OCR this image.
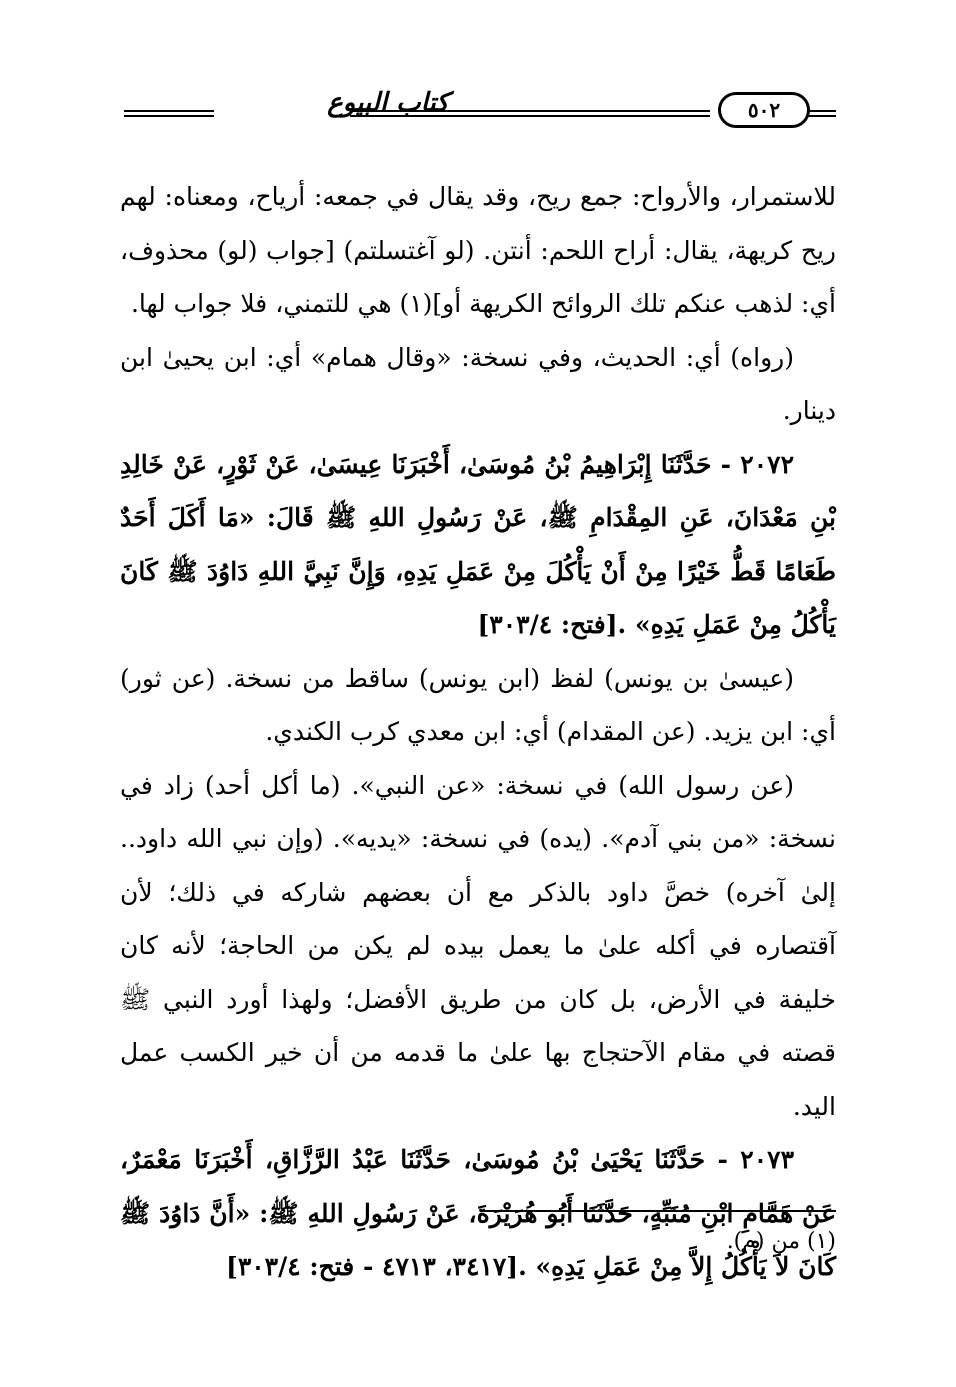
كتاب البيوع	٥٠٢

للاستمرار، والأرواح: جمع ريح، وقد يقال في جمعه: أرياح، ومعناه: لهم ريح كريهة، يقال: أراح اللحم: أنتن. (لو آغتسلتم) [جواب (لو) محذوف، أي: لذهب عنكم تلك الروائح الكريهة أو](١) هي للتمني، فلا جواب لها.

(رواه) أي: الحديث، وفي نسخة: «وقال همام» أي: ابن يحيىٰ ابن دينار.

٢٠٧٢ - حَدَّثَنَا إِبْرَاهِيمُ بْنُ مُوسَىٰ، أَخْبَرَنَا عِيسَىٰ، عَنْ ثَوْرٍ، عَنْ خَالِدِ بْنِ مَعْدَانَ، عَنِ المِقْدَامِ ﷺ، عَنْ رَسُولِ اللهِ ﷺ قَالَ: «مَا أَكَلَ أَحَدٌ طَعَامًا قَطُّ خَيْرًا مِنْ أَنْ يَأْكُلَ مِنْ عَمَلِ يَدِهِ، وَإِنَّ نَبِيَّ اللهِ دَاوُدَ ﷺ كَانَ يَأْكُلُ مِنْ عَمَلِ يَدِهِ» .[فتح: ٣٠٣/٤]

(عيسىٰ بن يونس) لفظ (ابن يونس) ساقط من نسخة. (عن ثور) أي: ابن يزيد. (عن المقدام) أي: ابن معدي كرب الكندي.

(عن رسول الله) في نسخة: «عن النبي». (ما أكل أحد) زاد في نسخة: «من بني آدم». (يده) في نسخة: «يديه». (وإن نبي الله داود.. إلىٰ آخره) خصَّ داود بالذكر مع أن بعضهم شاركه في ذلك؛ لأن آقتصاره في أكله علىٰ ما يعمل بيده لم يكن من الحاجة؛ لأنه كان خليفة في الأرض، بل كان من طريق الأفضل؛ ولهذا أورد النبي ﷺ قصته في مقام الآحتجاج بها علىٰ ما قدمه من أن خير الكسب عمل اليد.

٢٠٧٣ - حَدَّثَنَا يَحْيَىٰ بْنُ مُوسَىٰ، حَدَّثَنَا عَبْدُ الرَّزَّاقِ، أَخْبَرَنَا مَعْمَرٌ، عَنْ هَمَّامِ ابْنِ مُنَبِّهٍ، حَدَّثَنَا أَبُو هُرَيْرَةَ، عَنْ رَسُولِ اللهِ ﷺ: «أَنَّ دَاوُدَ ﷺ كَانَ لاَ يَأْكُلُ إِلاَّ مِنْ عَمَلِ يَدِهِ» .[٣٤١٧، ٤٧١٣ - فتح: ٣٠٣/٤]

(١) من (م).
